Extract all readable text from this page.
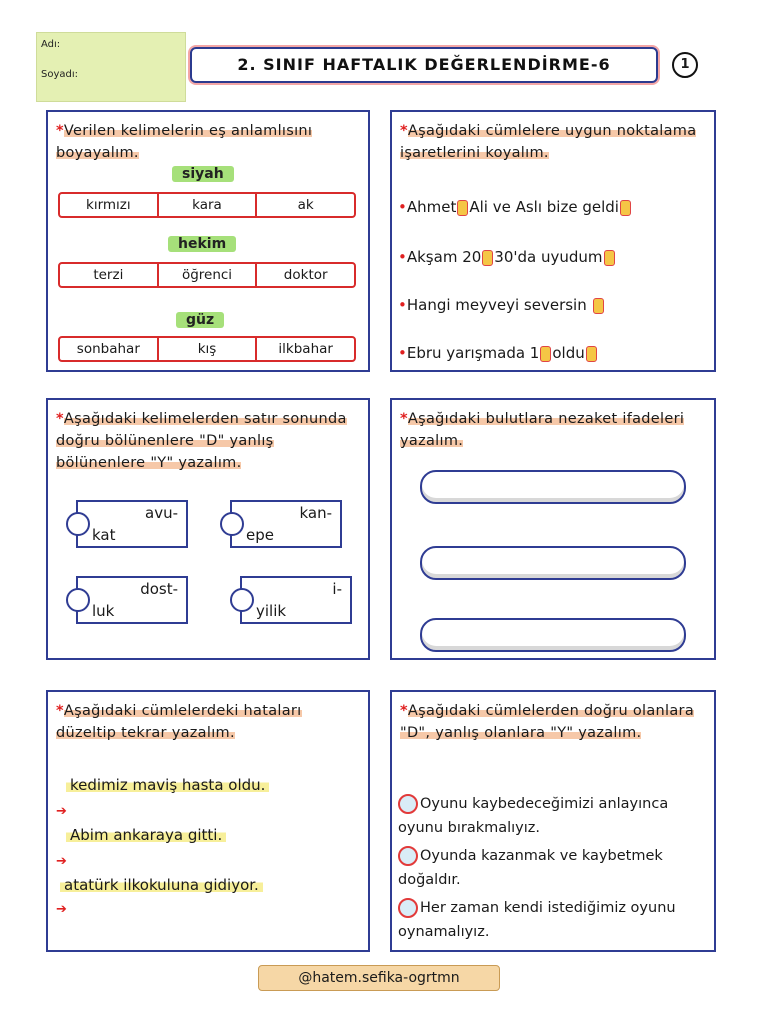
Adı:
Soyadı:
2. SINIF HAFTALIK DEĞERLENDİRME-6	1
*Verilen kelimelerin eş anlamlısını boyayalım.
siyah
kırmızı	kara	ak
hekim
terzi	öğrenci	doktor
güz
sonbahar	kış	ilkbahar
*Aşağıdaki cümlelere uygun noktalama işaretlerini koyalım.
•Ahmet Ali ve Aslı bize geldi
•Akşam 20 30'da uyudum
•Hangi meyveyi seversin
•Ebru yarışmada 1 oldu
*Aşağıdaki kelimelerden satır sonunda doğru bölünenlere "D" yanlış bölünenlere "Y" yazalım.
avu-
kat
kan-
epe
dost-
luk
i-
yilik
*Aşağıdaki bulutlara nezaket ifadeleri yazalım.
*Aşağıdaki cümlelerdeki hataları düzeltip tekrar yazalım.
kedimiz maviş hasta oldu.
➔
Abim ankaraya gitti.
➔
atatürk ilkokuluna gidiyor.
➔
*Aşağıdaki cümlelerden doğru olanlara "D", yanlış olanlara "Y" yazalım.
Oyunu kaybedeceğimizi anlayınca oyunu bırakmalıyız.
Oyunda kazanmak ve kaybetmek doğaldır.
Her zaman kendi istediğimiz oyunu oynamalıyız.
@hatem.sefika-ogrtmn
